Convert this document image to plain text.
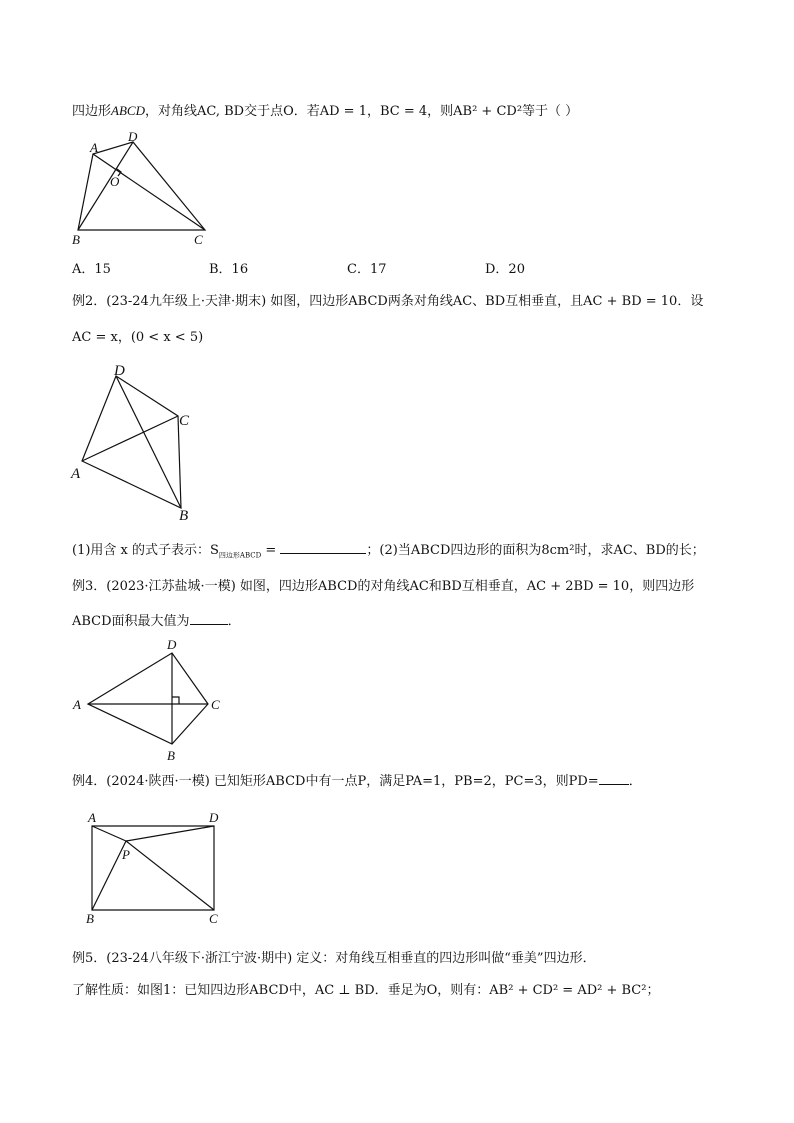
四边形ABCD，对角线AC, BD交于点O．若AD = 1，BC = 4，则AB² + CD²等于（ ）
A
D
O
B	C
A．15	B．16	C．17	D．20
例2．(23-24九年级上·天津·期末) 如图，四边形ABCD两条对角线AC、BD互相垂直，且AC + BD = 10．设
AC = x，(0 < x < 5)
D
C
A
B
(1)用含 x 的式子表示：$S_{四边形ABCD}$ =	；(2)当ABCD四边形的面积为8cm²时，求AC、BD的长；
例3．(2023·江苏盐城·一模) 如图，四边形ABCD的对角线AC和BD互相垂直，AC + 2BD = 10，则四边形
ABCD面积最大值为	．
D
A	C
B
例4．(2024·陕西·一模) 已知矩形ABCD中有一点P，满足PA=1，PB=2，PC=3，则PD= ．
A	D
P
B	C
例5．(23-24八年级下·浙江宁波·期中) 定义：对角线互相垂直的四边形叫做“垂美”四边形．
了解性质：如图1：已知四边形ABCD中，AC ⊥ BD．垂足为O，则有：AB² + CD² = AD² + BC²；
